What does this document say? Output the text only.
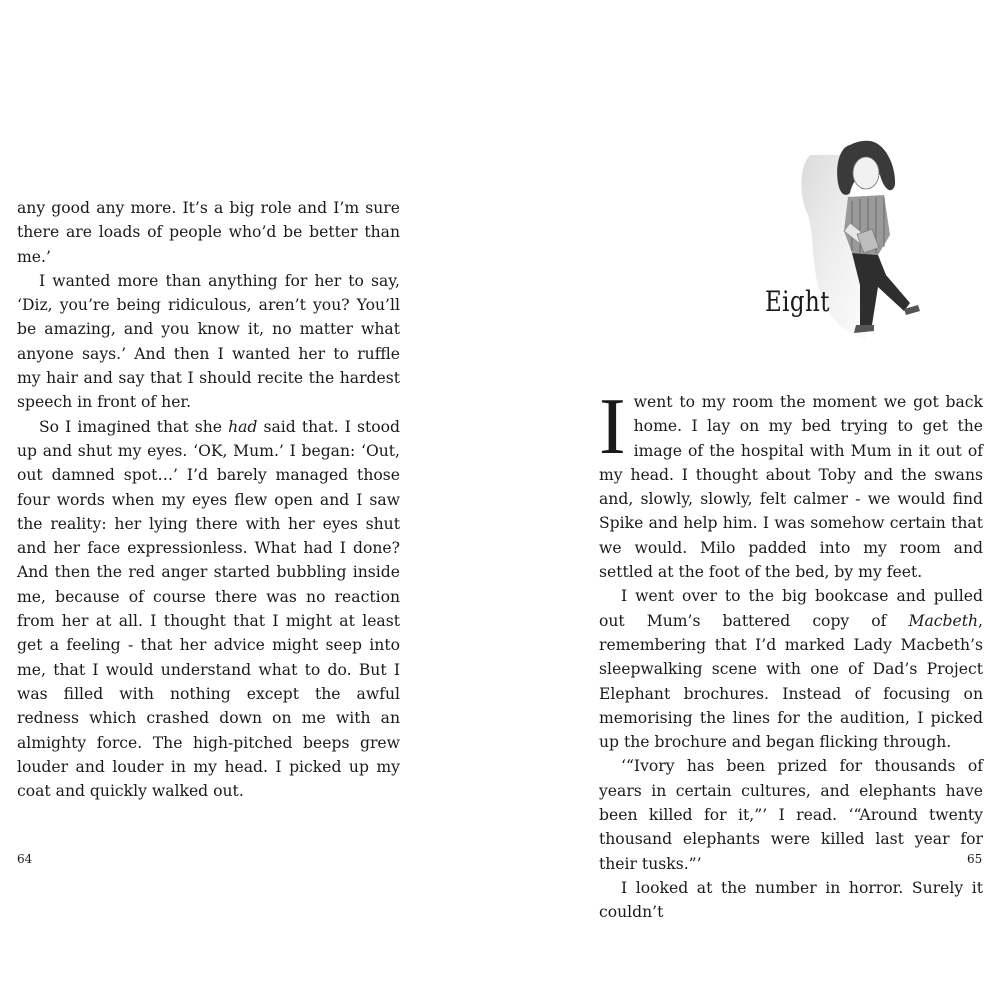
any good any more. It’s a big role and I’m sure there are loads of people who’d be better than me.’

I wanted more than anything for her to say, ‘Diz, you’re being ridiculous, aren’t you? You’ll be amazing, and you know it, no matter what anyone says.’ And then I wanted her to ruffle my hair and say that I should recite the hardest speech in front of her.

So I imagined that she had said that. I stood up and shut my eyes. ‘OK, Mum.’ I began: ‘Out, out damned spot…’ I’d barely managed those four words when my eyes flew open and I saw the reality: her lying there with her eyes shut and her face expressionless. What had I done? And then the red anger started bubbling inside me, because of course there was no reaction from her at all. I thought that I might at least get a feeling - that her advice might seep into me, that I would understand what to do. But I was filled with nothing except the awful redness which crashed down on me with an almighty force. The high-pitched beeps grew louder and louder in my head. I picked up my coat and quickly walked out.

64
Eight

Iwent to my room the moment we got back home. I lay on my bed trying to get the image of the hospital with Mum in it out of my head. I thought about Toby and the swans and, slowly, slowly, felt calmer - we would find Spike and help him. I was somehow certain that we would. Milo padded into my room and settled at the foot of the bed, by my feet.

I went over to the big bookcase and pulled out Mum’s battered copy of Macbeth, remembering that I’d marked Lady Macbeth’s sleepwalking scene with one of Dad’s Project Elephant brochures. Instead of focusing on memorising the lines for the audition, I picked up the brochure and began flicking through.

‘“Ivory has been prized for thousands of years in certain cultures, and elephants have been killed for it,”’ I read. ‘“Around twenty thousand elephants were killed last year for their tusks.”’

I looked at the number in horror. Surely it couldn’t

65
